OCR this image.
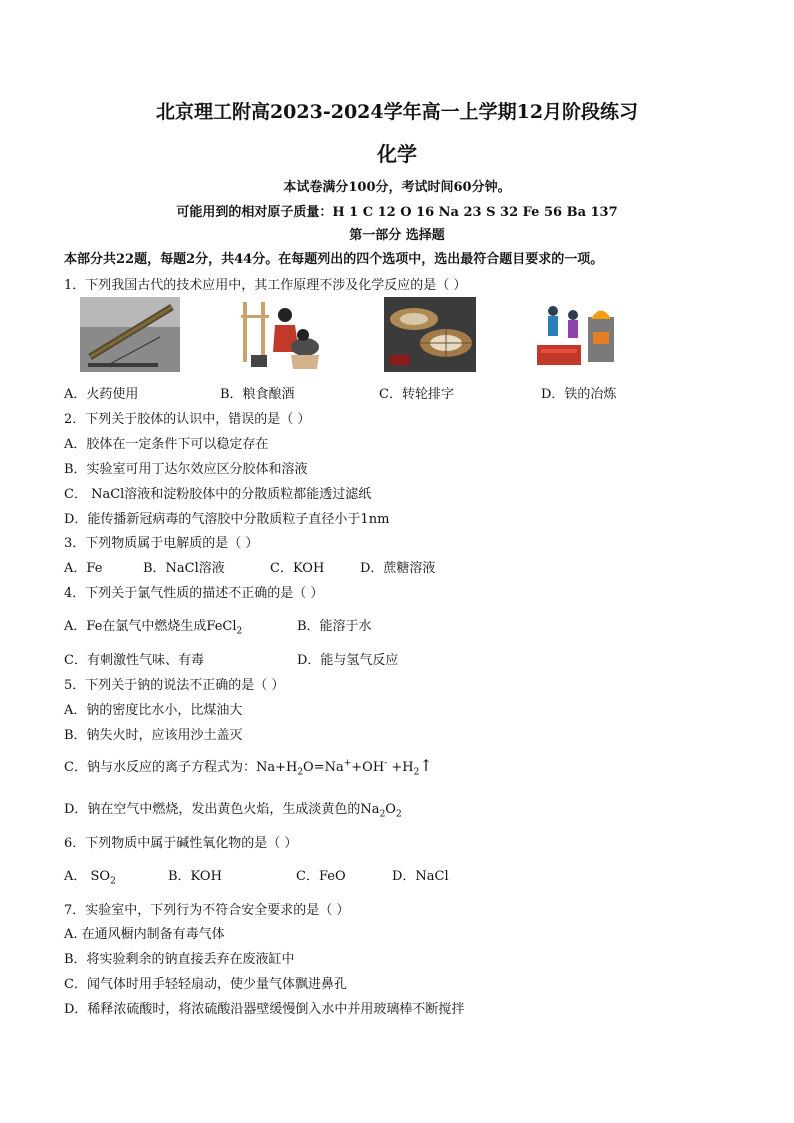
北京理工附高2023-2024学年高一上学期12月阶段练习
化学
本试卷满分100分，考试时间60分钟。
可能用到的相对原子质量：H 1 C 12 O 16 Na 23 S 32 Fe 56 Ba 137
第一部分 选择题
本部分共22题，每题2分，共44分。在每题列出的四个选项中，选出最符合题目要求的一项。
1．下列我国古代的技术应用中，其工作原理不涉及化学反应的是（ ）
A．火药使用	B．粮食酿酒	C．转轮排字	D．铁的冶炼
2．下列关于胶体的认识中，错误的是（ ）
A．胶体在一定条件下可以稳定存在
B．实验室可用丁达尔效应区分胶体和溶液
C． NaCl溶液和淀粉胶体中的分散质粒都能透过滤纸
D．能传播新冠病毒的气溶胶中分散质粒子直径小于1nm
3．下列物质属于电解质的是（ ）
A．Fe	B．NaCl溶液	C．KOH	D．蔗糖溶液
4．下列关于氯气性质的描述不正确的是（ ）
A．Fe在氯气中燃烧生成FeCl$_2$	B．能溶于水
C．有刺激性气味、有毒	D．能与氢气反应
5．下列关于钠的说法不正确的是（ ）
A．钠的密度比水小，比煤油大
B．钠失火时，应该用沙土盖灭
C．钠与水反应的离子方程式为：$Na+H_2O=Na^++OH^-$ $+H_2↑$
D．钠在空气中燃烧，发出黄色火焰，生成淡黄色的$Na_2O_2$
6．下列物质中属于碱性氧化物的是（ ）
A． $SO_2$	B．KOH	C．FeO	D．NaCl
7．实验室中，下列行为不符合安全要求的是（ ）
A. 在通风橱内制备有毒气体
B．将实验剩余的钠直接丢弃在废液缸中
C．闻气体时用手轻轻扇动，使少量气体飘进鼻孔
D．稀释浓硫酸时，将浓硫酸沿器壁缓慢倒入水中并用玻璃棒不断搅拌
